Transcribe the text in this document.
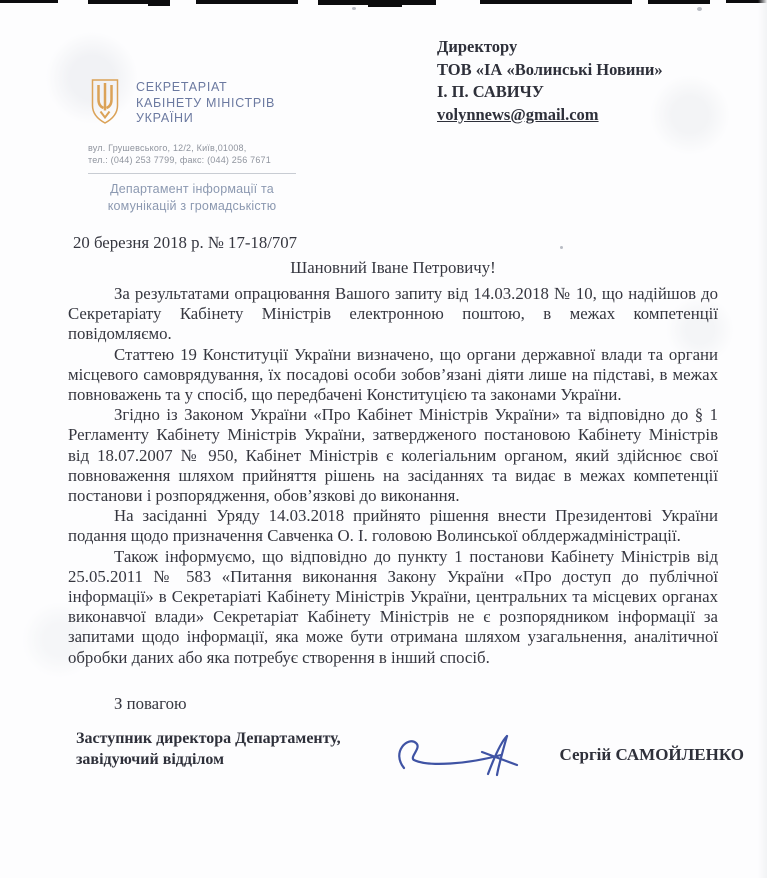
СЕКРЕТАРІАТ
КАБІНЕТУ МІНІСТРІВ
УКРАЇНИ
вул. Грушевського, 12/2, Київ,01008,
тел.: (044) 253 7799, факс: (044) 256 7671
Департамент інформації та
комунікацій з громадськістю
Директору
ТОВ «ІА «Волинські Новини»
І. П. САВИЧУ
volynnews@gmail.com

20 березня 2018 р. № 17-18/707

Шановний Іване Петровичу!

За результатами опрацювання Вашого запиту від 14.03.2018 № 10, що надійшов до Секретаріату Кабінету Міністрів електронною поштою, в межах компетенції повідомляємо.

Статтею 19 Конституції України визначено, що органи державної влади та органи місцевого самоврядування, їх посадові особи зобов’язані діяти лише на підставі, в межах повноважень та у спосіб, що передбачені Конституцією та законами України.

Згідно із Законом України «Про Кабінет Міністрів України» та відповідно до § 1 Регламенту Кабінету Міністрів України, затвердженого постановою Кабінету Міністрів від 18.07.2007 № 950, Кабінет Міністрів є колегіальним органом, який здійснює свої повноваження шляхом прийняття рішень на засіданнях та видає в межах компетенції постанови і розпорядження, обов’язкові до виконання.

На засіданні Уряду 14.03.2018 прийнято рішення внести Президентові України подання щодо призначення Савченка О. І. головою Волинської облдержадміністрації.

Також інформуємо, що відповідно до пункту 1 постанови Кабінету Міністрів від 25.05.2011 № 583 «Питання виконання Закону України «Про доступ до публічної інформації» в Секретаріаті Кабінету Міністрів України, центральних та місцевих органах виконавчої влади» Секретаріат Кабінету Міністрів не є розпорядником інформації за запитами щодо інформації, яка може бути отримана шляхом узагальнення, аналітичної обробки даних або яка потребує створення в інший спосіб.

З повагою

Заступник директора Департаменту,
завідуючий відділом	Сергій САМОЙЛЕНКО
